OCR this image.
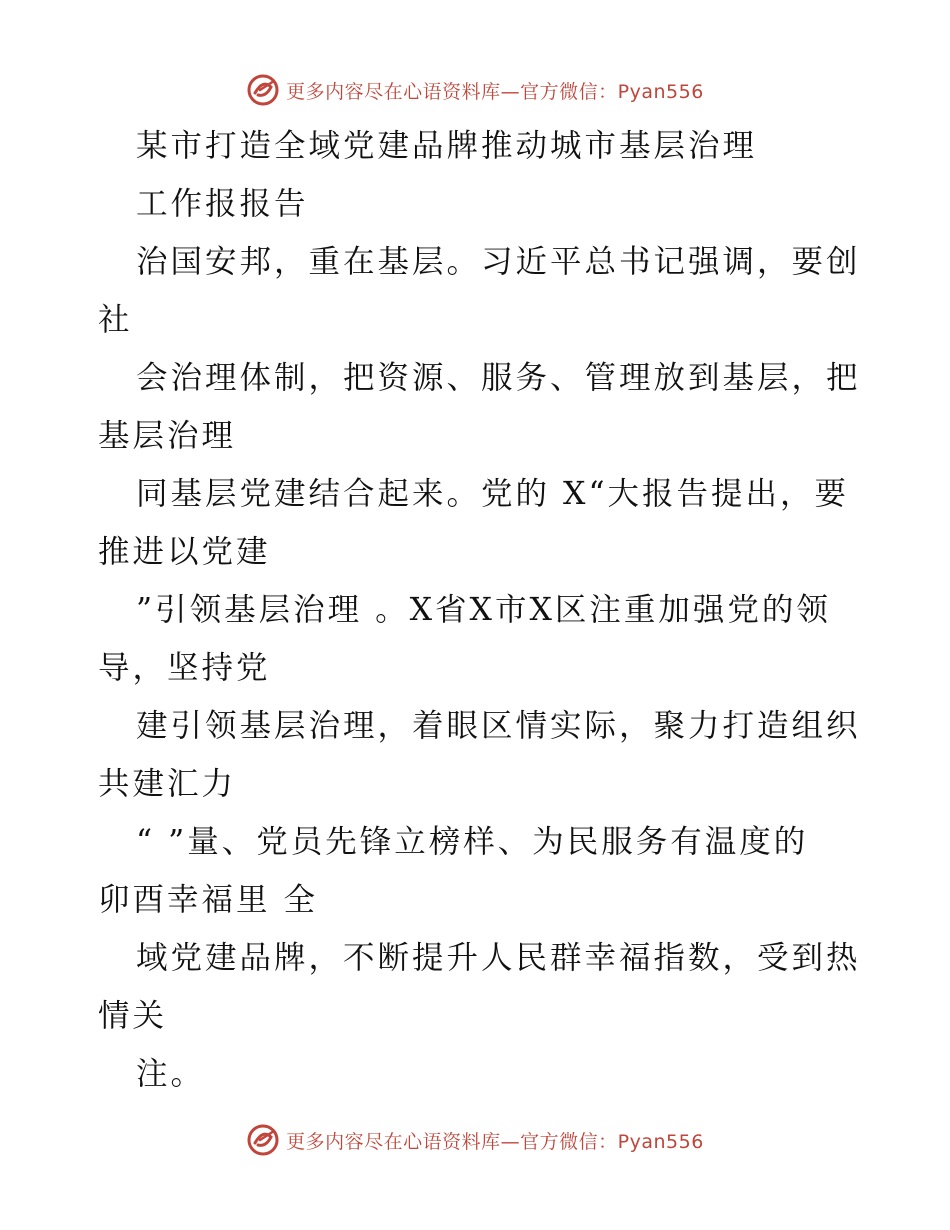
更多内容尽在心语资料库—官方微信：Pyan556
某市打造全域党建品牌推动城市基层治理
工作报报告
治国安邦，重在基层。习近平总书记强调，要创
社
会治理体制，把资源、服务、管理放到基层，把
基层治理
同基层党建结合起来。党的 X“大报告提出，要
推进以党建
”引领基层治理 。X省X市X区注重加强党的领
导，坚持党
建引领基层治理，着眼区情实际，聚力打造组织
共建汇力
“ ”量、党员先锋立榜样、为民服务有温度的
卯酉幸福里 全
域党建品牌，不断提升人民群幸福指数，受到热
情关
注。
更多内容尽在心语资料库—官方微信：Pyan556
